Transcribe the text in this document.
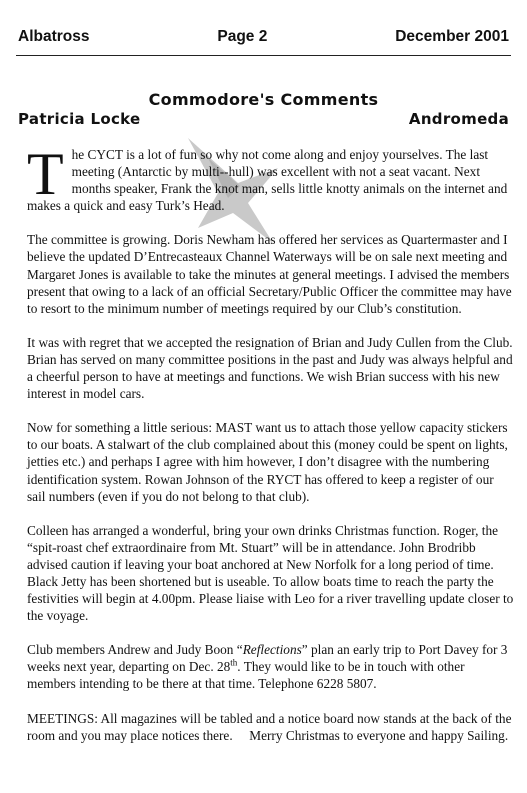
Albatross	Page 2	December 2001
Commodore's Comments
Patricia Locke	Andromeda

The CYCT is a lot of fun so why not come along and enjoy yourselves. The last meeting (Antarctic by multi--hull) was excellent with not a seat vacant. Next months speaker, Frank the knot man, sells little knotty animals on the internet and makes a quick and easy Turk’s Head.

The committee is growing. Doris Newham has offered her services as Quartermaster and I believe the updated D’Entrecasteaux Channel Waterways will be on sale next meeting and Margaret Jones is available to take the minutes at general meetings. I advised the members present that owing to a lack of an official Secretary/Public Officer the committee may have to resort to the minimum number of meetings required by our Club’s constitution.

It was with regret that we accepted the resignation of Brian and Judy Cullen from the Club. Brian has served on many committee positions in the past and Judy was always helpful and a cheerful person to have at meetings and functions. We wish Brian success with his new interest in model cars.

Now for something a little serious: MAST want us to attach those yellow capacity stickers to our boats. A stalwart of the club complained about this (money could be spent on lights, jetties etc.) and perhaps I agree with him however, I don’t disagree with the numbering identification system. Rowan Johnson of the RYCT has offered to keep a register of our sail numbers (even if you do not belong to that club).

Colleen has arranged a wonderful, bring your own drinks Christmas function. Roger, the “spit-roast chef extraordinaire from Mt. Stuart” will be in attendance. John Brodribb advised caution if leaving your boat anchored at New Norfolk for a long period of time. Black Jetty has been shortened but is useable. To allow boats time to reach the party the festivities will begin at 4.00pm. Please liaise with Leo for a river travelling update closer to the voyage.

Club members Andrew and Judy Boon “Reflections” plan an early trip to Port Davey for 3 weeks next year, departing on Dec. 28th. They would like to be in touch with other members intending to be there at that time. Telephone 6228 5807.

MEETINGS: All magazines will be tabled and a notice board now stands at the back of the room and you may place notices there.     Merry Christmas to everyone and happy Sailing.
